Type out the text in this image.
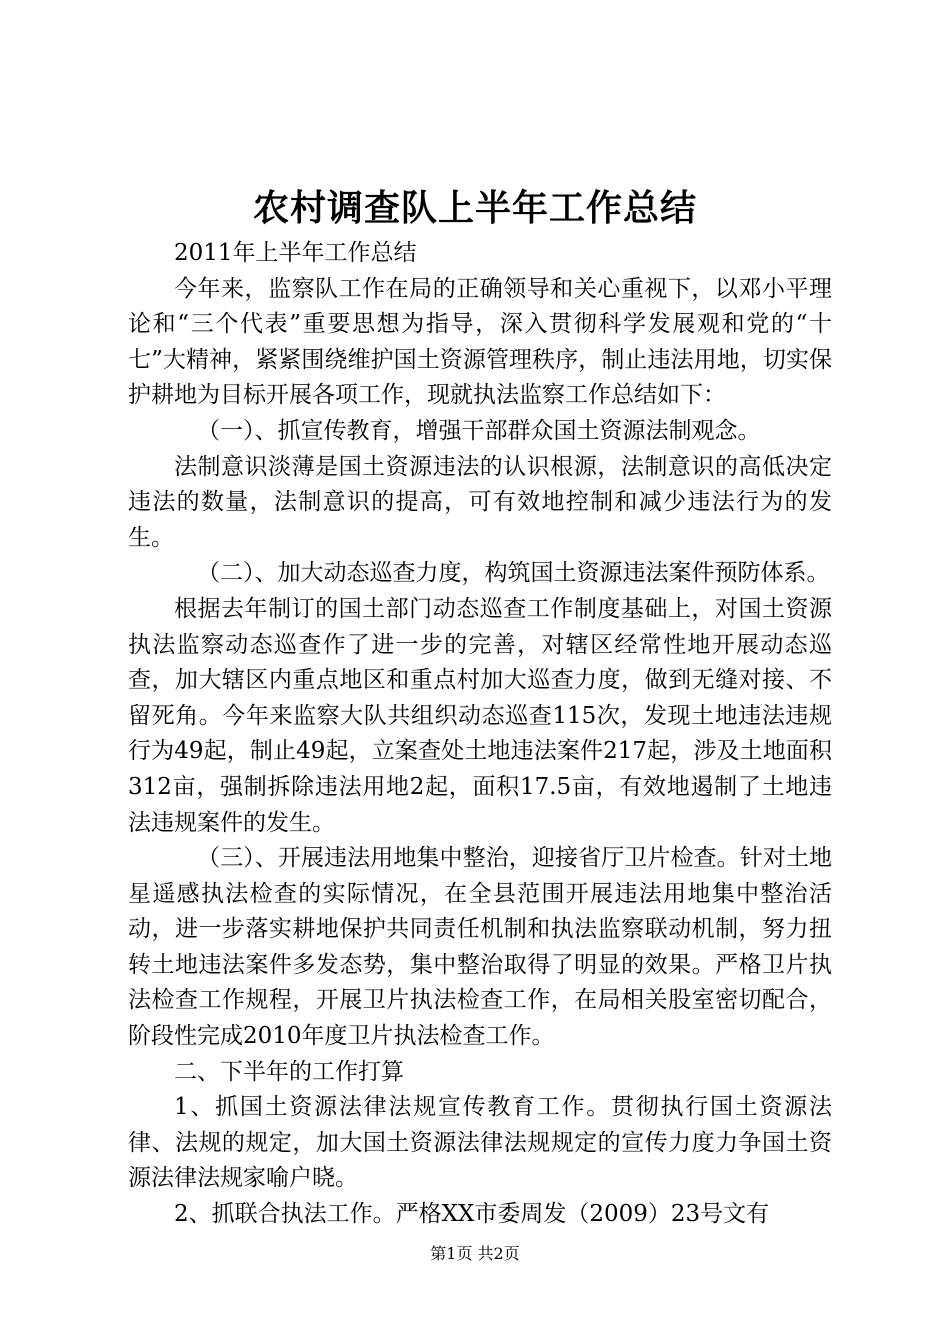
农村调查队上半年工作总结

2011年上半年工作总结

今年来，监察队工作在局的正确领导和关心重视下，以邓小平理论和“三个代表”重要思想为指导，深入贯彻科学发展观和党的“十七”大精神，紧紧围绕维护国土资源管理秩序，制止违法用地，切实保护耕地为目标开展各项工作，现就执法监察工作总结如下：

（一）、抓宣传教育，增强干部群众国土资源法制观念。

法制意识淡薄是国土资源违法的认识根源，法制意识的高低决定违法的数量，法制意识的提高，可有效地控制和减少违法行为的发生。

（二）、加大动态巡查力度，构筑国土资源违法案件预防体系。

根据去年制订的国土部门动态巡查工作制度基础上，对国土资源执法监察动态巡查作了进一步的完善，对辖区经常性地开展动态巡查，加大辖区内重点地区和重点村加大巡查力度，做到无缝对接、不留死角。今年来监察大队共组织动态巡查115次，发现土地违法违规行为49起，制止49起，立案查处土地违法案件217起，涉及土地面积312亩，强制拆除违法用地2起，面积17.5亩，有效地遏制了土地违法违规案件的发生。

（三）、开展违法用地集中整治，迎接省厅卫片检查。针对土地星遥感执法检查的实际情况，在全县范围开展违法用地集中整治活动，进一步落实耕地保护共同责任机制和执法监察联动机制，努力扭转土地违法案件多发态势，集中整治取得了明显的效果。严格卫片执法检查工作规程，开展卫片执法检查工作，在局相关股室密切配合，阶段性完成2010年度卫片执法检查工作。

二、下半年的工作打算

1、抓国土资源法律法规宣传教育工作。贯彻执行国土资源法律、法规的规定，加大国土资源法律法规规定的宣传力度力争国土资源法律法规家喻户晓。

2、抓联合执法工作。严格XX市委周发（2009）23号文有

第1页 共2页
